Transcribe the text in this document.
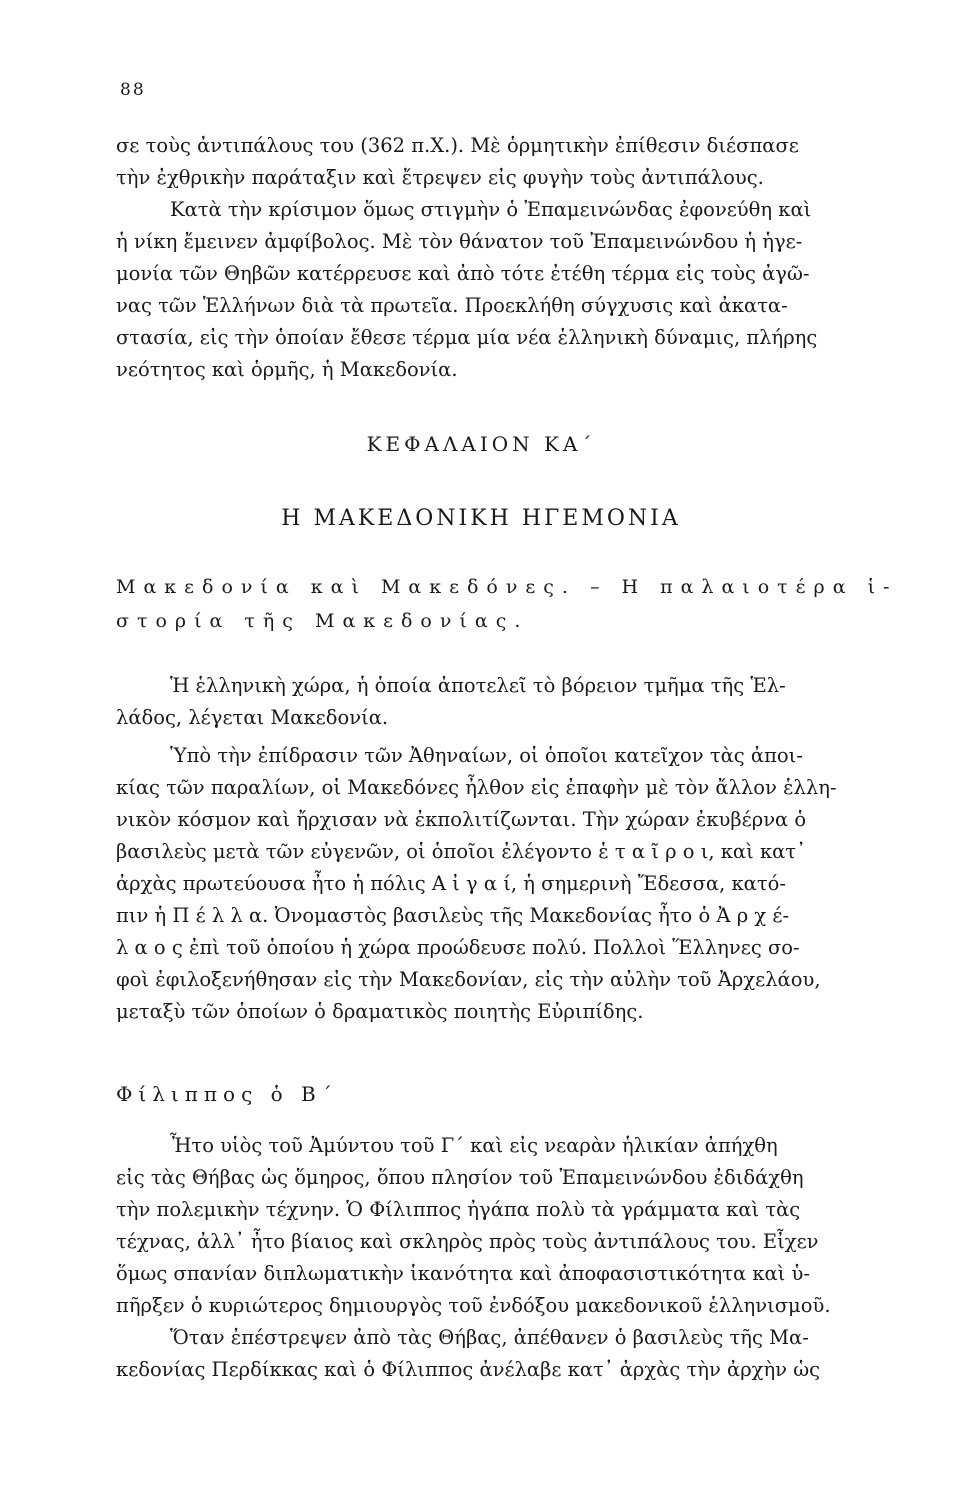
88
σε τοὺς ἀντιπάλους του (362 π.Χ.). Μὲ ὁρμητικὴν ἐπίθεσιν διέσπασε
τὴν ἐχθρικὴν παράταξιν καὶ ἔτρεψεν εἰς φυγὴν τοὺς ἀντιπάλους.
Κατὰ τὴν κρίσιμον ὅμως στιγμὴν ὁ Ἐπαμεινώνδας ἐφονεύθη καὶ
ἡ νίκη ἔμεινεν ἀμφίβολος. Μὲ τὸν θάνατον τοῦ Ἐπαμεινώνδου ἡ ἡγε-
μονία τῶν Θηβῶν κατέρρευσε καὶ ἀπὸ τότε ἐτέθη τέρμα εἰς τοὺς ἀγῶ-
νας τῶν Ἑλλήνων διὰ τὰ πρωτεῖα. Προεκλήθη σύγχυσις καὶ ἀκατα-
στασία, εἰς τὴν ὁποίαν ἔθεσε τέρμα μία νέα ἑλληνικὴ δύναμις, πλήρης
νεότητος καὶ ὁρμῆς, ἡ Μακεδονία.
ΚΕΦΑΛΑΙΟΝ ΚΑ΄
Η ΜΑΚΕΔΟΝΙΚΗ ΗΓΕΜΟΝΙΑ
Μακεδονία καὶ Μακεδόνες. – Η παλαιοτέρα ἱ-
στορία τῆς Μακεδονίας.
Ἡ ἑλληνικὴ χώρα, ἡ ὁποία ἀποτελεῖ τὸ βόρειον τμῆμα τῆς Ἑλ-
λάδος, λέγεται Μακεδονία.
Ὑπὸ τὴν ἐπίδρασιν τῶν Ἀθηναίων, οἱ ὁποῖοι κατεῖχον τὰς ἀποι-
κίας τῶν παραλίων, οἱ Μακεδόνες ἦλθον εἰς ἐπαφὴν μὲ τὸν ἄλλον ἑλλη-
νικὸν κόσμον καὶ ἤρχισαν νὰ ἐκπολιτίζωνται. Τὴν χώραν ἐκυβέρνα ὁ
βασιλεὺς μετὰ τῶν εὐγενῶν, οἱ ὁποῖοι ἐλέγοντο ἑ τ α ῖ ρ ο ι, καὶ κατ᾽
ἀρχὰς πρωτεύουσα ἦτο ἡ πόλις Α ἰ γ α ί, ἡ σημερινὴ Ἔδεσσα, κατό-
πιν ἡ Π έ λ λ α. Ὀνομαστὸς βασιλεὺς τῆς Μακεδονίας ἦτο ὁ Ἀ ρ χ έ-
λ α ο ς ἐπὶ τοῦ ὁποίου ἡ χώρα προώδευσε πολύ. Πολλοὶ Ἕλληνες σο-
φοὶ ἐφιλοξενήθησαν εἰς τὴν Μακεδονίαν, εἰς τὴν αὐλὴν τοῦ Ἀρχελάου,
μεταξὺ τῶν ὁποίων ὁ δραματικὸς ποιητὴς Εὐριπίδης.
Φίλιππος ὁ Β΄
Ἦτο υἱὸς τοῦ Ἀμύντου τοῦ Γ΄ καὶ εἰς νεαρὰν ἡλικίαν ἀπήχθη
εἰς τὰς Θήβας ὡς ὅμηρος, ὅπου πλησίον τοῦ Ἐπαμεινώνδου ἐδιδάχθη
τὴν πολεμικὴν τέχνην. Ὁ Φίλιππος ἠγάπα πολὺ τὰ γράμματα καὶ τὰς
τέχνας, ἀλλ᾽ ἦτο βίαιος καὶ σκληρὸς πρὸς τοὺς ἀντιπάλους του. Εἶχεν
ὅμως σπανίαν διπλωματικὴν ἱκανότητα καὶ ἀποφασιστικότητα καὶ ὑ-
πῆρξεν ὁ κυριώτερος δημιουργὸς τοῦ ἐνδόξου μακεδονικοῦ ἑλληνισμοῦ.
Ὅταν ἐπέστρεψεν ἀπὸ τὰς Θήβας, ἀπέθανεν ὁ βασιλεὺς τῆς Μα-
κεδονίας Περδίκκας καὶ ὁ Φίλιππος ἀνέλαβε κατ᾽ ἀρχὰς τὴν ἀρχὴν ὡς
